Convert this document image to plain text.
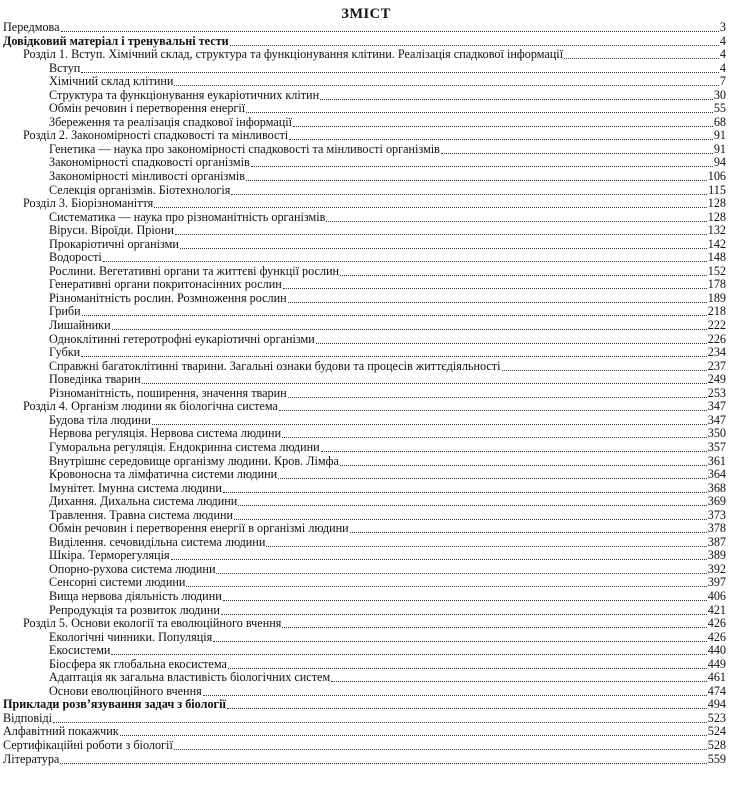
ЗМІСТ
Передмова	3
Довідковий матеріал і тренувальні тести	4
Розділ 1. Вступ. Хімічний склад, структура та функціонування клітини. Реалізація спадкової інформації	4
Вступ	4
Хімічний склад клітини	7
Структура та функціонування еукаріотичних клітин	30
Обмін речовин і перетворення енергії	55
Збереження та реалізація спадкової інформації	68
Розділ 2. Закономірності спадковості та мінливості	91
Генетика — наука про закономірності спадковості та мінливості організмів	91
Закономірності спадковості організмів	94
Закономірності мінливості організмів	106
Селекція організмів. Біотехнологія	115
Розділ 3. Біорізноманіття	128
Систематика — наука про різноманітність організмів	128
Віруси. Віроїди. Пріони	132
Прокаріотичні організми	142
Водорості	148
Рослини. Вегетативні органи та життєві функції рослин	152
Генеративні органи покритонасінних рослин	178
Різноманітність рослин. Розмноження рослин	189
Гриби	218
Лишайники	222
Одноклітинні гетеротрофні еукаріотичні організми	226
Губки	234
Справжні багатоклітинні тварини. Загальні ознаки будови та процесів життєдіяльності	237
Поведінка тварин	249
Різноманітність, поширення, значення тварин	253
Розділ 4. Організм людини як біологічна система	347
Будова тіла людини	347
Нервова регуляція. Нервова система людини	350
Гуморальна регуляція. Ендокринна система людини	357
Внутрішнє середовище організму людини. Кров. Лімфа	361
Кровоносна та лімфатична системи людини	364
Імунітет. Імунна система людини	368
Дихання. Дихальна система людини	369
Травлення. Травна система людини	373
Обмін речовин і перетворення енергії в організмі людини	378
Виділення. сечовидільна система людини	387
Шкіра. Терморегуляція	389
Опорно-рухова система людини	392
Сенсорні системи людини	397
Вища нервова діяльність людини	406
Репродукція та розвиток людини	421
Розділ 5. Основи екології та еволюційного вчення	426
Екологічні чинники. Популяція	426
Екосистеми	440
Біосфера як глобальна екосистема	449
Адаптація як загальна властивість біологічних систем	461
Основи еволюційного вчення	474
Приклади розв’язування задач з біології	494
Відповіді	523
Алфавітний покажчик	524
Сертифікаційні роботи з біології	528
Література	559
